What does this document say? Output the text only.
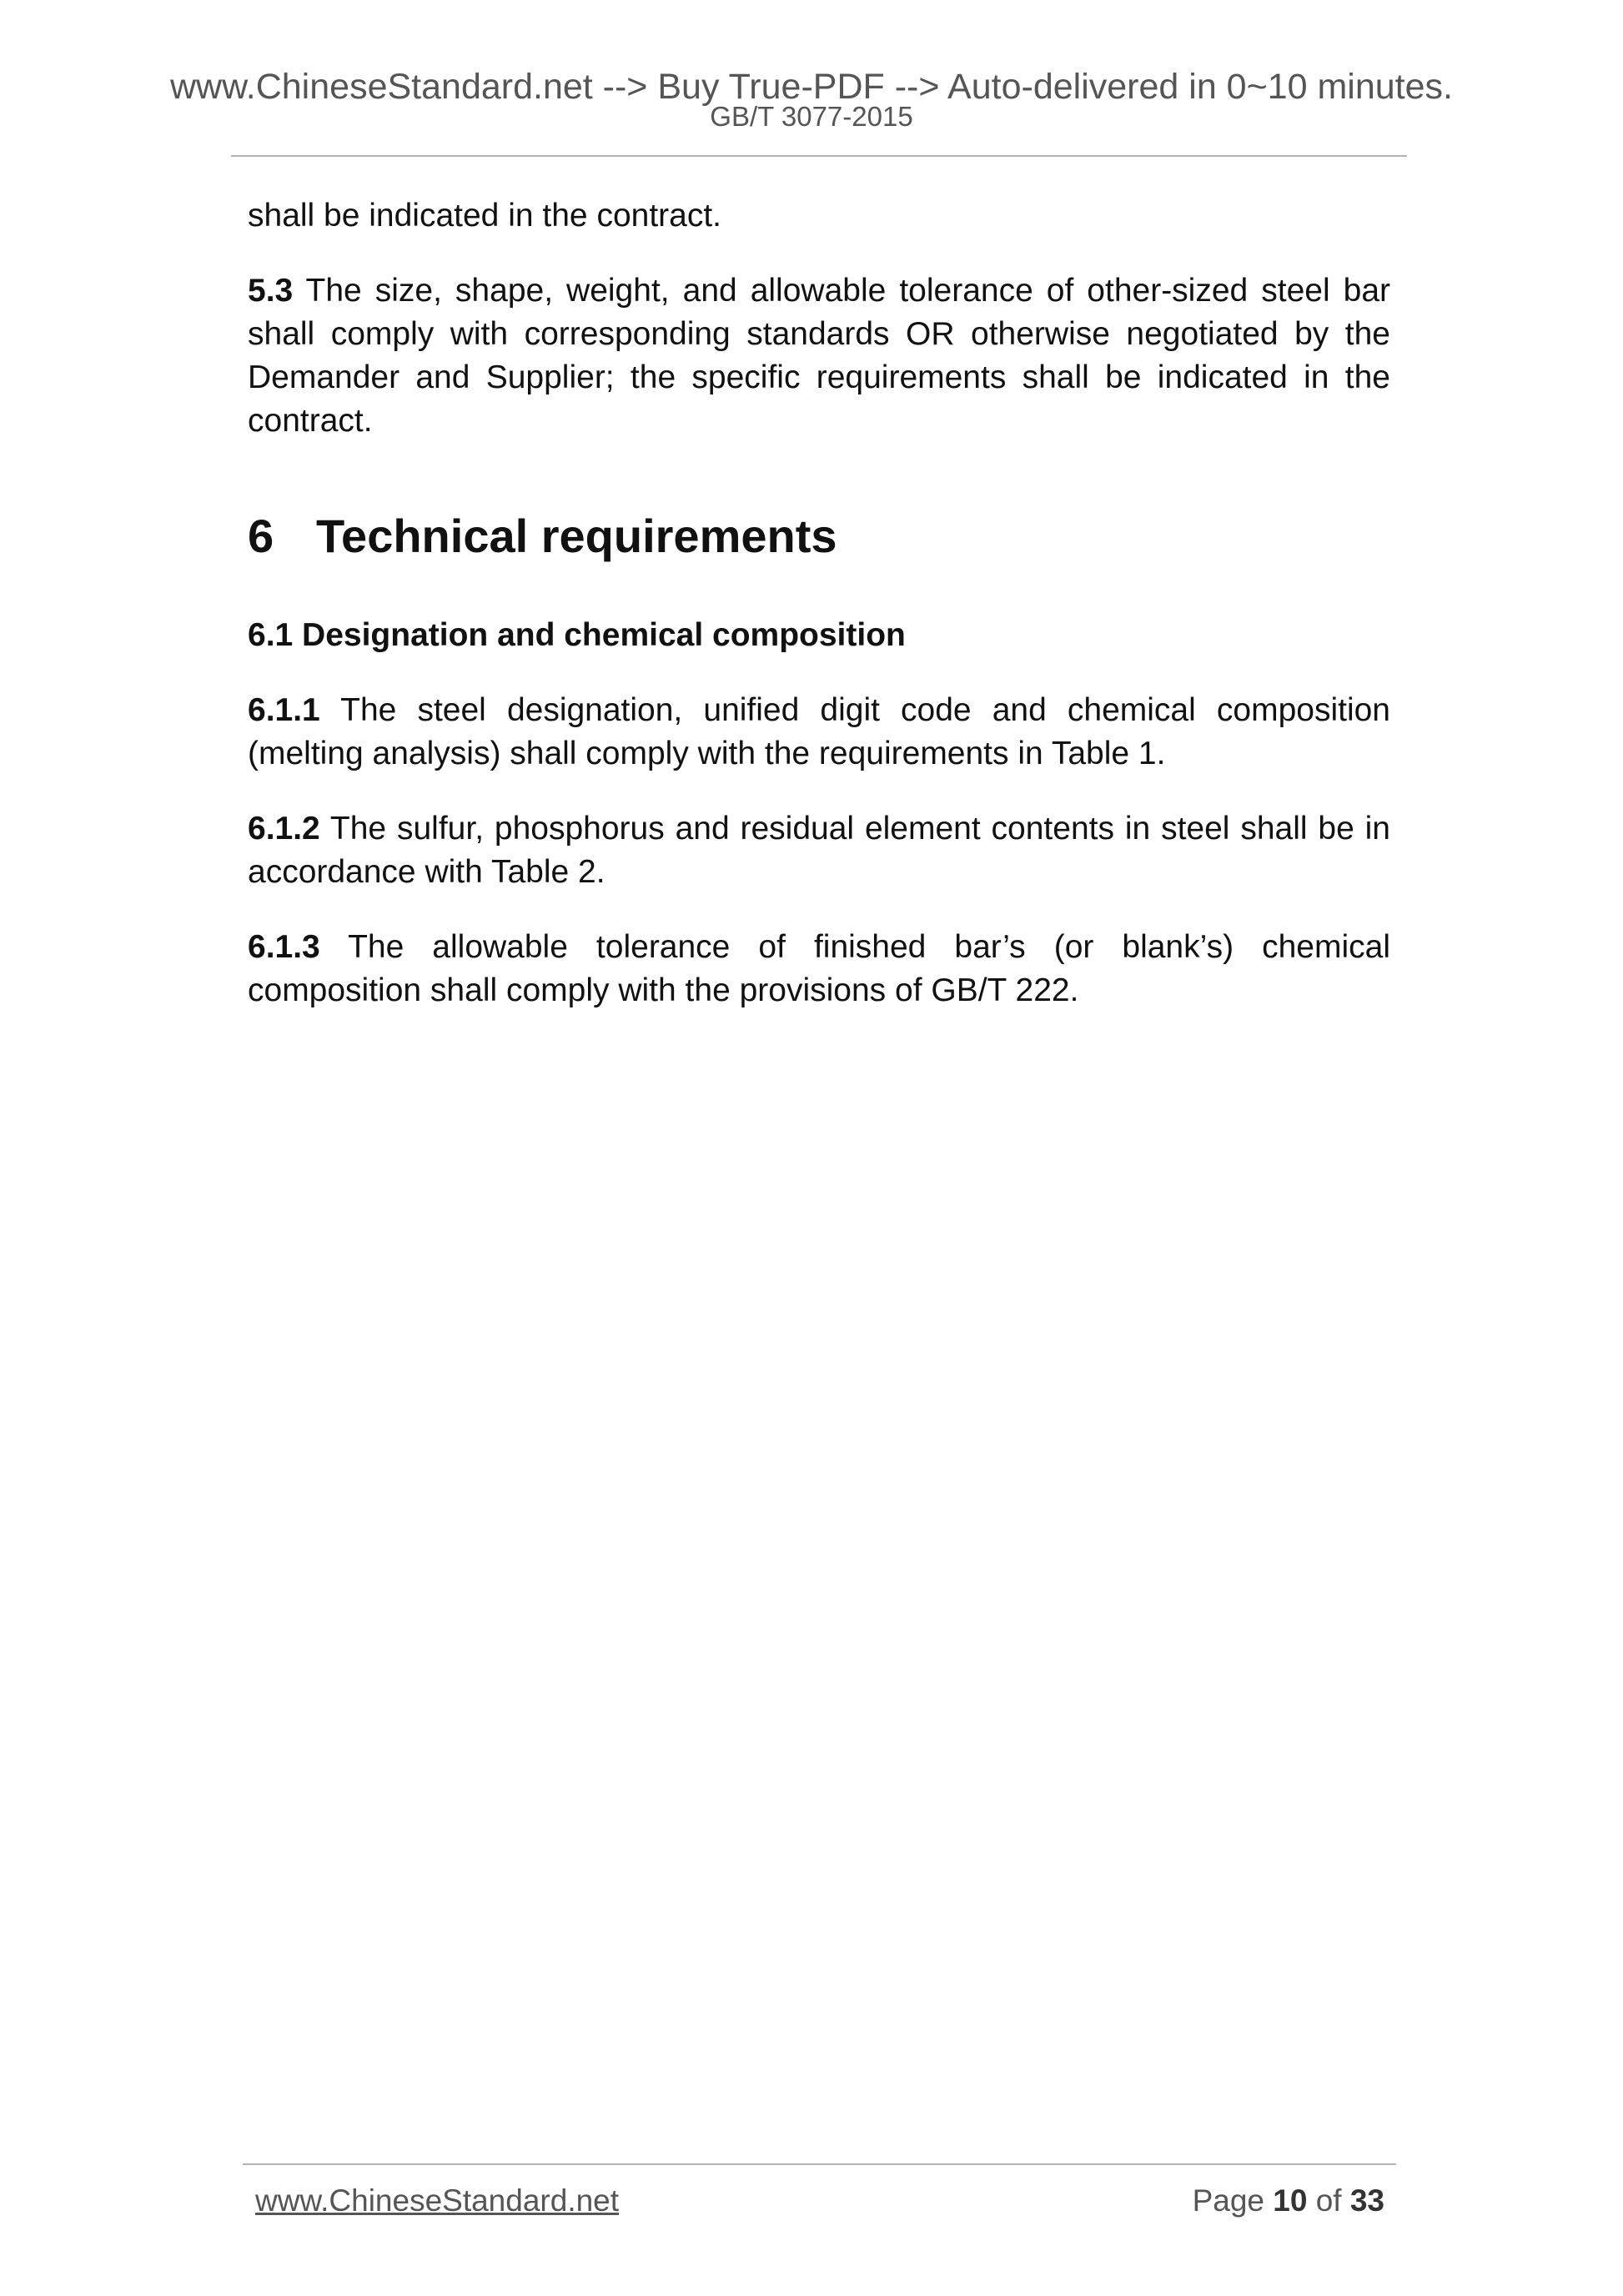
www.ChineseStandard.net --> Buy True-PDF --> Auto-delivered in 0~10 minutes.
GB/T 3077-2015

shall be indicated in the contract.

5.3 The size, shape, weight, and allowable tolerance of other-sized steel bar shall comply with corresponding standards OR otherwise negotiated by the Demander and Supplier; the specific requirements shall be indicated in the contract.

6 Technical requirements

6.1 Designation and chemical composition

6.1.1 The steel designation, unified digit code and chemical composition (melting analysis) shall comply with the requirements in Table 1.

6.1.2 The sulfur, phosphorus and residual element contents in steel shall be in accordance with Table 2.

6.1.3 The allowable tolerance of finished bar’s (or blank’s) chemical composition shall comply with the provisions of GB/T 222.

www.ChineseStandard.net	Page 10 of 33
